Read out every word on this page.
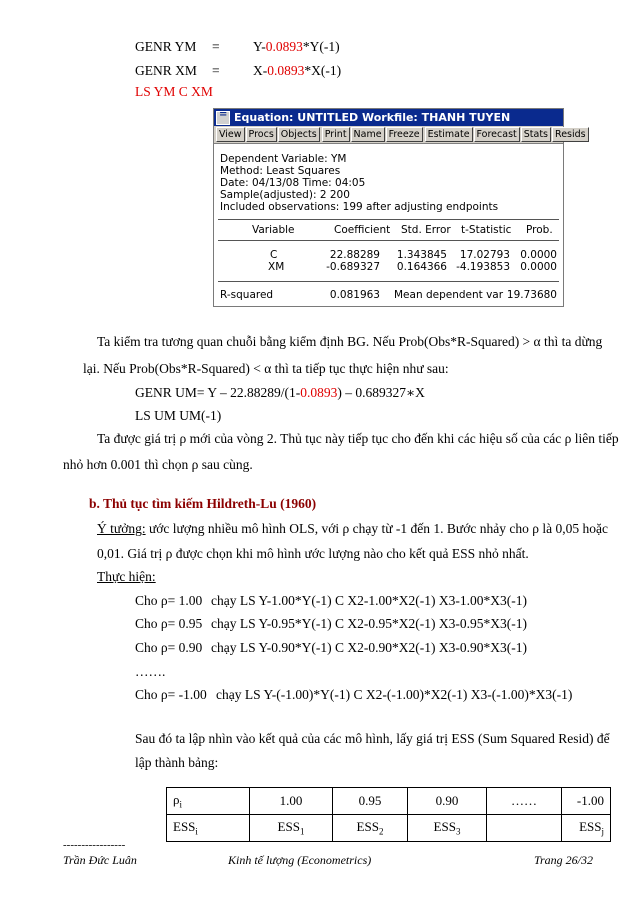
GENR YM = Y-0.0893*Y(-1)
GENR XM = X-0.0893*X(-1)
LS YM C XM
=
Equation: UNTITLED Workfile: THANH TUYEN
View Procs Objects Print Name Freeze Estimate Forecast Stats Resids
Dependent Variable: YM
Method: Least Squares
Date: 04/13/08 Time: 04:05
Sample(adjusted): 2 200
Included observations: 199 after adjusting endpoints
Variable	Coefficient Std. Error t-Statistic Prob.
C	22.88289 1.343845 17.02793 0.0000
XM	-0.689327 0.164366 -4.193853 0.0000
R-squared	0.081963 Mean dependent var 19.73680
Ta kiểm tra tương quan chuỗi bằng kiểm định BG. Nếu Prob(Obs*R-Squared) > α thì ta dừng
lại. Nếu Prob(Obs*R-Squared) < α thì ta tiếp tục thực hiện như sau:
GENR UM= Y – 22.88289/(1-0.0893) – 0.689327∗X
LS UM UM(-1)
Ta được giá trị ρ mới của vòng 2. Thủ tục này tiếp tục cho đến khi các hiệu số của các ρ liên tiếp
nhỏ hơn 0.001 thì chọn ρ sau cùng.
b. Thủ tục tìm kiếm Hildreth-Lu (1960)
Ý tưởng: ước lượng nhiều mô hình OLS, với ρ chạy từ -1 đến 1. Bước nhảy cho ρ là 0,05 hoặc
0,01. Giá trị ρ được chọn khi mô hình ước lượng nào cho kết quả ESS nhỏ nhất.
Thực hiện:
Cho ρ= 1.00 chạy LS Y-1.00*Y(-1) C X2-1.00*X2(-1) X3-1.00*X3(-1)
Cho ρ= 0.95 chạy LS Y-0.95*Y(-1) C X2-0.95*X2(-1) X3-0.95*X3(-1)
Cho ρ= 0.90 chạy LS Y-0.90*Y(-1) C X2-0.90*X2(-1) X3-0.90*X3(-1)
…….
Cho ρ= -1.00 chạy LS Y-(-1.00)*Y(-1) C X2-(-1.00)*X2(-1) X3-(-1.00)*X3(-1)
Sau đó ta lập nhìn vào kết quả của các mô hình, lấy giá trị ESS (Sum Squared Resid) để
lập thành bảng:
$\rho_i$	1.00	0.95	0.90	……	-1.00
$ESS_i$	$ESS_1$	$ESS_2$	$ESS_3$		$ESS_j$
-----------------
Trần Đức Luân	Kinh tế lượng (Econometrics)	Trang 26/32
